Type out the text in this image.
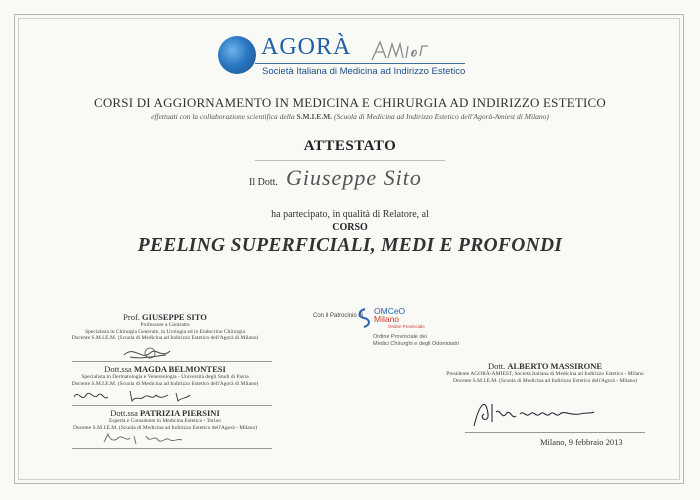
AGORÀ
Società Italiana di Medicina ad Indirizzo Estetico
CORSI DI AGGIORNAMENTO IN MEDICINA E CHIRURGIA AD INDIRIZZO ESTETICO
effettuati con la collaborazione scientifica della S.M.I.E.M. (Scuola di Medicina ad Indirizzo Estetico dell'Agorà-Amiest di Milano)
ATTESTATO
Il Dott. Giuseppe Sito
ha partecipato, in qualità di Relatore, al
CORSO
PEELING SUPERFICIALI, MEDI E PROFONDI
Prof. GIUSEPPE SITO
Professore a Contratto
Specialista in Chirurgia Generale, in Urologia ed in Endocrino Chirurgia
Docente S.M.I.E.M. (Scuola di Medicina ad Indirizzo Estetico dell'Agorà di Milano)
Dott.ssa MAGDA BELMONTESI
Specialista in Dermatologia e Venereologia - Università degli Studi di Pavia
Docente S.M.I.E.M. (Scuola di Medicina ad Indirizzo Estetico dell'Agorà di Milano)
Dott.ssa PATRIZIA PIERSINI
Esperta e Consulente in Medicina Estetica - Torino
Docente S.M.I.E.M. (Scuola di Medicina ad Indirizzo Estetico dell'Agorà - Milano)
Con il Patrocinio di OMCeO
Milano
Ordine Provinciale
Ordine Provinciale dei
Medici Chirurghi e degli Odontoiatri
Dott. ALBERTO MASSIRONE
Presidente AGORÀ-AMIEST, Società Italiana di Medicina ad Indirizzo Estetico - Milano
Docente S.M.I.E.M. (Scuola di Medicina ad Indirizzo Estetico dell'Agorà - Milano)
Milano, 9 febbraio 2013
